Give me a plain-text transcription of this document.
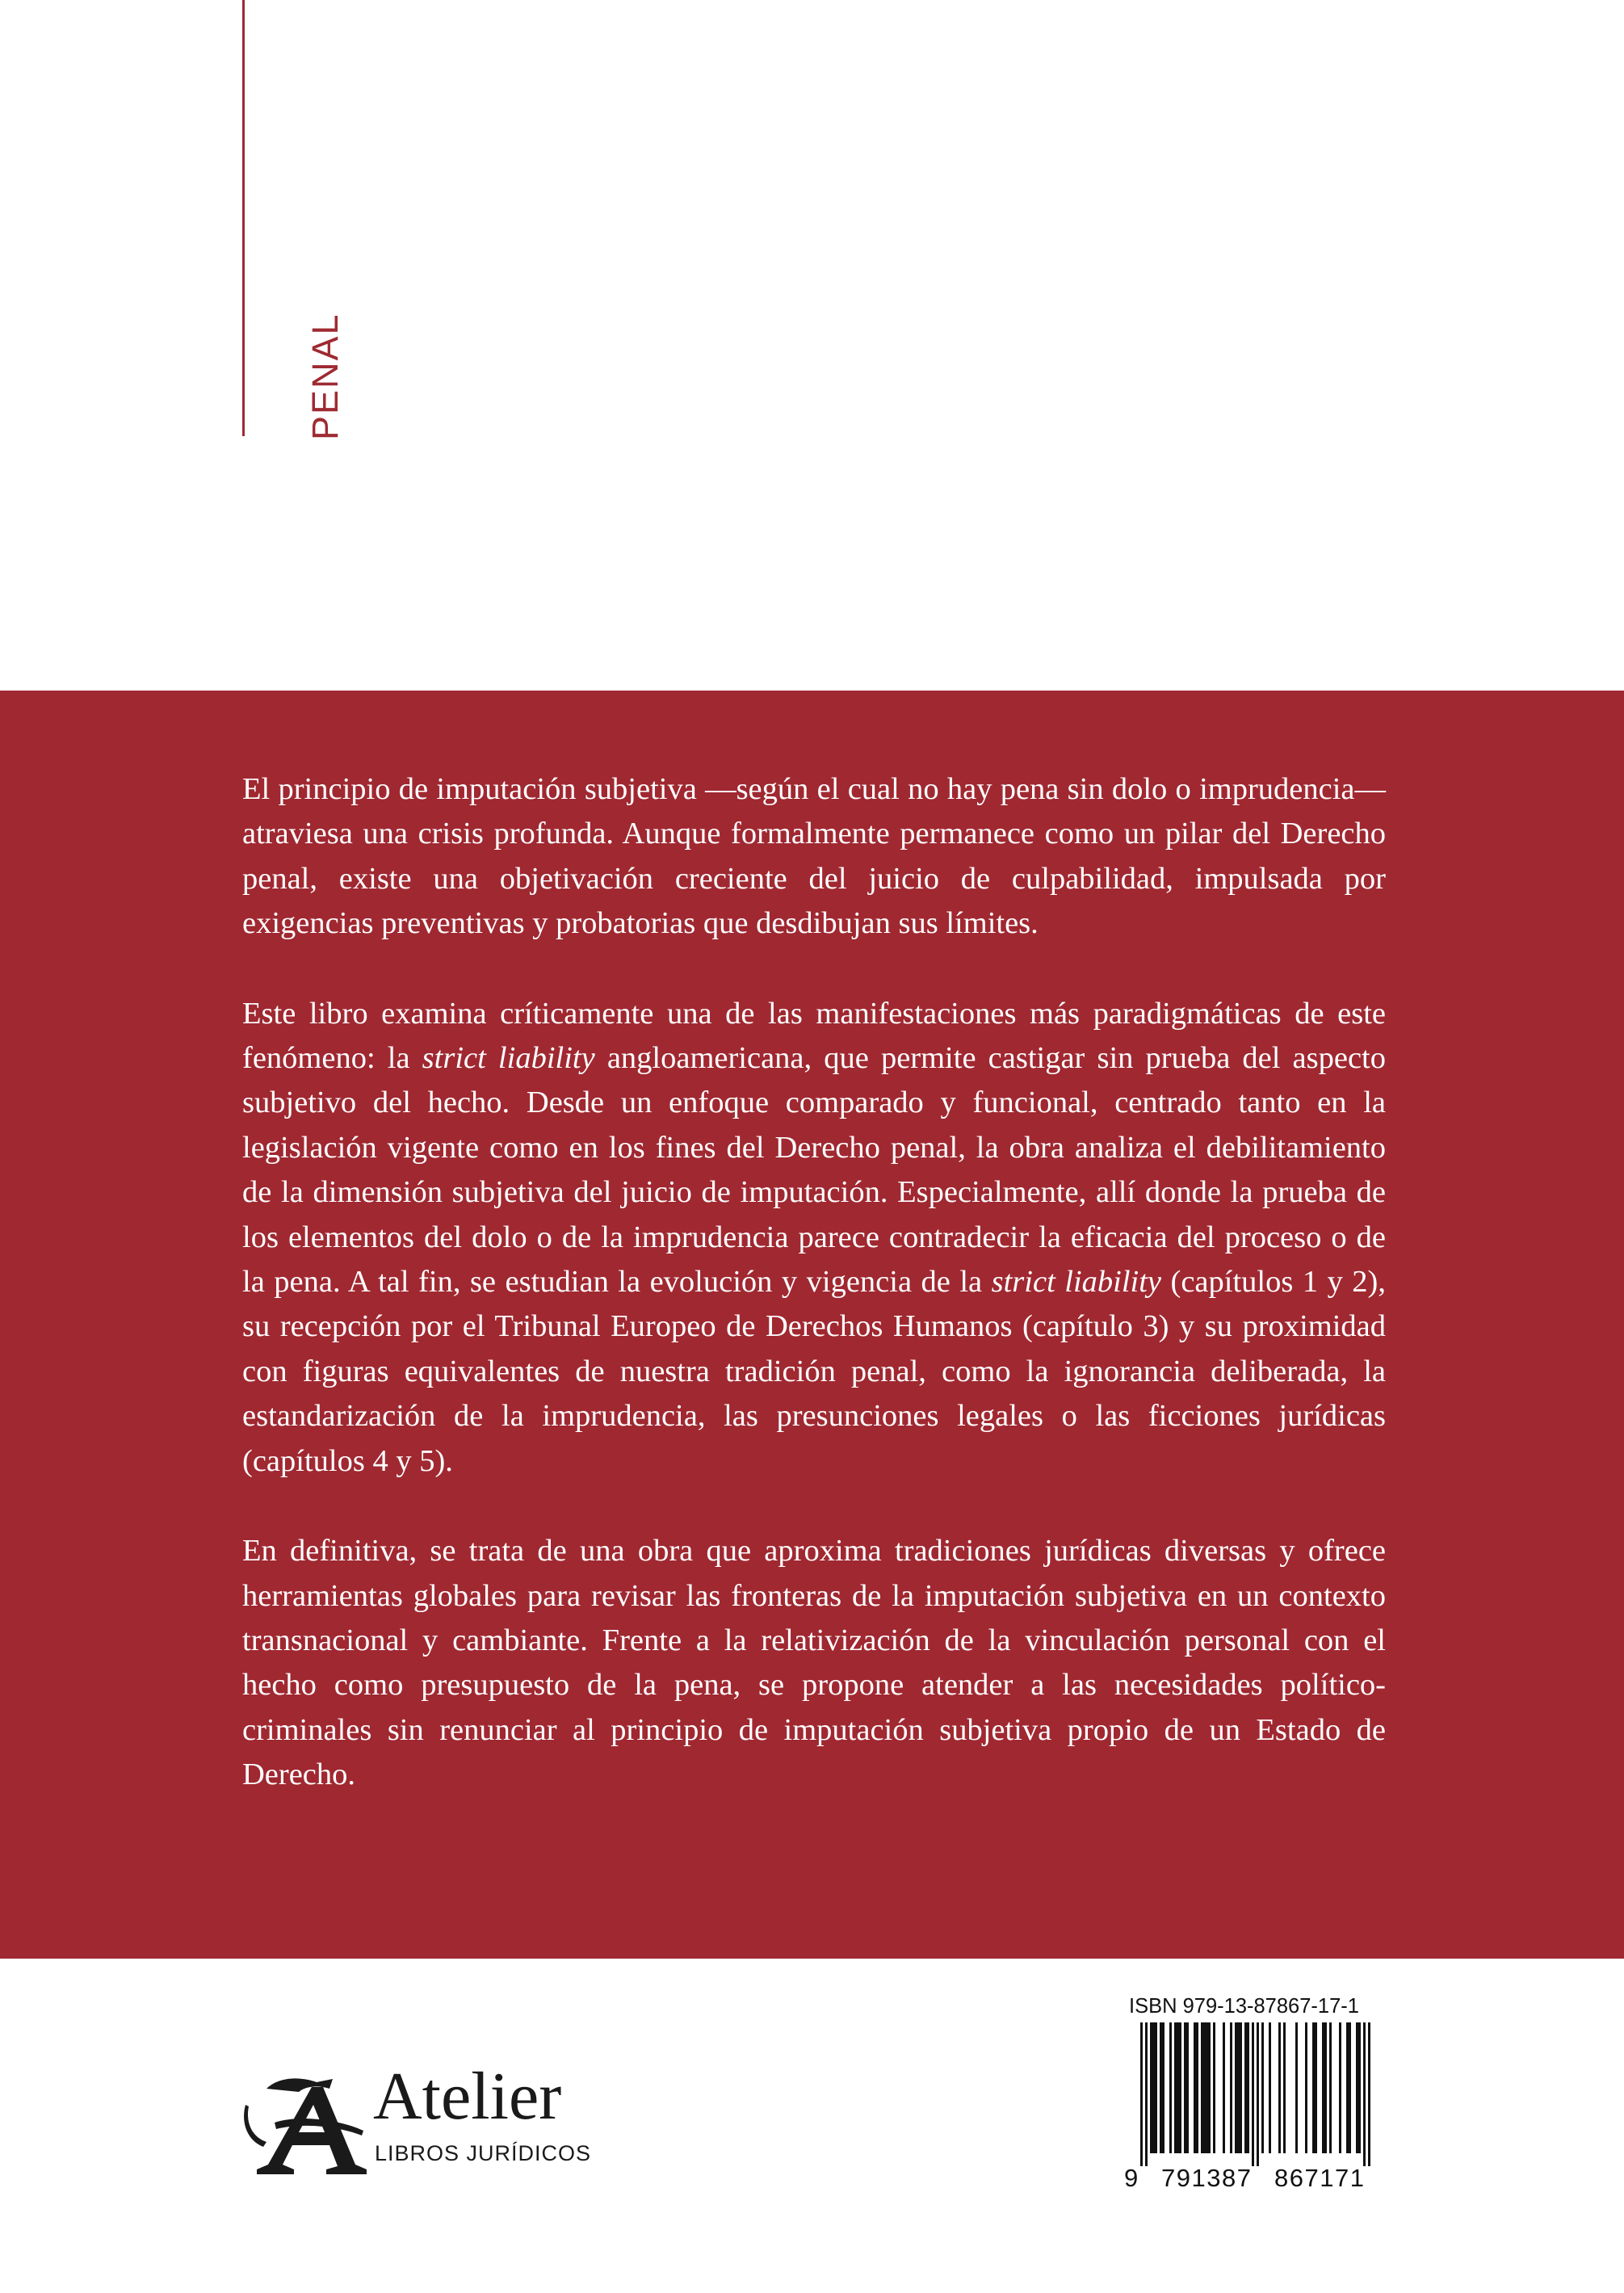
PENAL

El principio de imputación subjetiva —según el cual no hay pena sin dolo o imprudencia— atraviesa una crisis profunda. Aunque formalmente permanece como un pilar del Derecho penal, existe una objetivación creciente del juicio de culpabilidad, impulsada por exigencias preventivas y probatorias que desdibujan sus límites.

Este libro examina críticamente una de las manifestaciones más paradigmáticas de este fenómeno: la strict liability angloamericana, que permite castigar sin prueba del aspecto subjetivo del hecho. Desde un enfoque comparado y funcional, centrado tanto en la legislación vigente como en los fines del Derecho penal, la obra analiza el debilitamiento de la dimensión subjetiva del juicio de imputación. Especialmente, allí donde la prueba de los elementos del dolo o de la imprudencia parece contradecir la eficacia del proceso o de la pena. A tal fin, se estudian la evolución y vigencia de la strict liability (capítulos 1 y 2), su recepción por el Tribunal Europeo de Derechos Humanos (capítulo 3) y su proximidad con figuras equivalentes de nuestra tradición penal, como la ignorancia deliberada, la estandarización de la imprudencia, las presunciones legales o las ficciones jurídicas (capítulos 4 y 5).

En definitiva, se trata de una obra que aproxima tradiciones jurídicas diversas y ofrece herramientas globales para revisar las fronteras de la imputación subjetiva en un contexto transnacional y cambiante. Frente a la relativización de la vinculación personal con el hecho como presupuesto de la pena, se propone atender a las necesidades político-criminales sin renunciar al principio de imputación subjetiva propio de un Estado de Derecho.

Atelier
LIBROS JURÍDICOS
ISBN 979-13-87867-17-1
9 791387 867171
